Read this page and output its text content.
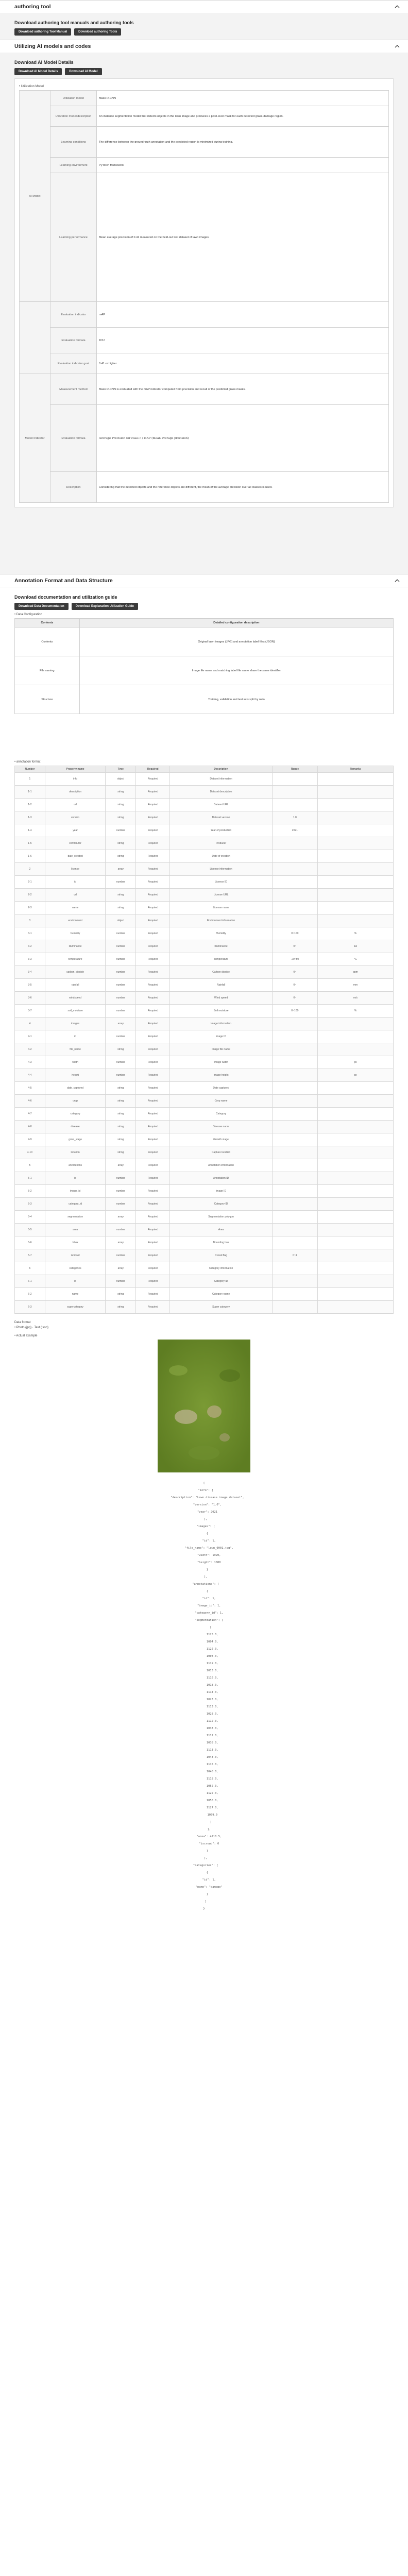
authoring tool
Download authoring tool manuals and authoring tools
Download authoring Tool Manual	Download authoring Tools
Utilizing AI models and codes
Download AI Model Details
Download AI Model Details	Download AI Model
• Utilization Model
AI Model	Utilization model	Mask R-CNN
	Utilization model description	An instance segmentation model that detects objects in the lawn image and produces a pixel-level mask for each detected grass-damage region.
	Learning conditions	The difference between the ground-truth annotation and the predicted region is minimized during training.
	Learning environment	PyTorch framework
	Learning performance	Mean average precision of 0.41 measured on the held-out test dataset of lawn images.
	Evaluation indicator	mAP
	Evaluation formula	IOU
	Evaluation indicator goal	0.41 or higher
Model Indicator	Measurement method	Mask R-CNN is evaluated with the mAP indicator computed from precision and recall of the predicted grass masks.
	Evaluation formula	Average Precision for class c / mAP (mean average precision)
	Description	Considering that the detected objects and the reference objects are different, the mean of the average precision over all classes is used.
Annotation Format and Data Structure
Download documentation and utilization guide
Download Data Documentation	Download Explanation Utilization Guide
• Data Configuration
Contents	Detailed configuration description
Contents	Original lawn images (JPG) and annotation label files (JSON)
File naming	Image file name and matching label file name share the same identifier
Structure	Training, validation and test sets split by ratio
• annotation format
Number	Property name	Type	Required	Description	Range	Remarks
1	info	object	Required	Dataset information		
1-1	description	string	Required	Dataset description		
1-2	url	string	Required	Dataset URL		
1-3	version	string	Required	Dataset version	1.0	
1-4	year	number	Required	Year of production	2021	
1-5	contributor	string	Required	Producer		
1-6	date_created	string	Required	Date of creation		
2	license	array	Required	License information		
2-1	id	number	Required	License ID		
2-2	url	string	Required	License URL		
2-3	name	string	Required	License name		
3	environment	object	Required	Environment information		
3-1	humidity	number	Required	Humidity	0~100	%
3-2	illuminance	number	Required	Illuminance	0~	lux
3-3	temperature	number	Required	Temperature	-20~50	°C
3-4	carbon_dioxide	number	Required	Carbon dioxide	0~	ppm
3-5	rainfall	number	Required	Rainfall	0~	mm
3-6	windspeed	number	Required	Wind speed	0~	m/s
3-7	soil_moisture	number	Required	Soil moisture	0~100	%
4	images	array	Required	Image information		
4-1	id	number	Required	Image ID		
4-2	file_name	string	Required	Image file name		
4-3	width	number	Required	Image width		px
4-4	height	number	Required	Image height		px
4-5	date_captured	string	Required	Date captured		
4-6	crop	string	Required	Crop name		
4-7	category	string	Required	Category		
4-8	disease	string	Required	Disease name		
4-9	grow_stage	string	Required	Growth stage		
4-10	location	string	Required	Capture location		
5	annotations	array	Required	Annotation information		
5-1	id	number	Required	Annotation ID		
5-2	image_id	number	Required	Image ID		
5-3	category_id	number	Required	Category ID		
5-4	segmentation	array	Required	Segmentation polygon		
5-5	area	number	Required	Area		
5-6	bbox	array	Required	Bounding box		
5-7	iscrowd	number	Required	Crowd flag	0~1	
6	categories	array	Required	Category information		
6-1	id	number	Required	Category ID		
6-2	name	string	Required	Category name		
6-3	supercategory	string	Required	Super category		
Data format
• Photo (jpg) · Text (json)
• Actual example
{
"info": {
"description": "Lawn disease image dataset",
"version": "1.0",
"year": 2021
},
"images": [
{
"id": 1,
"file_name": "lawn_0001.jpg",
"width": 1920,
"height": 1080
}
],
"annotations": [
{
"id": 1,
"image_id": 1,
"category_id": 1,
"segmentation": [
[
1125.0,
1004.0,
1122.0,
1008.0,
1119.0,
1013.0,
1116.0,
1018.0,
1114.0,
1023.0,
1113.0,
1028.0,
1112.0,
1033.0,
1112.0,
1038.0,
1113.0,
1043.0,
1115.0,
1048.0,
1118.0,
1052.0,
1122.0,
1056.0,
1127.0,
1059.0
]
],
"area": 4210.5,
"iscrowd": 0
}
],
"categories": [
{
"id": 1,
"name": "damage"
}
]
}
